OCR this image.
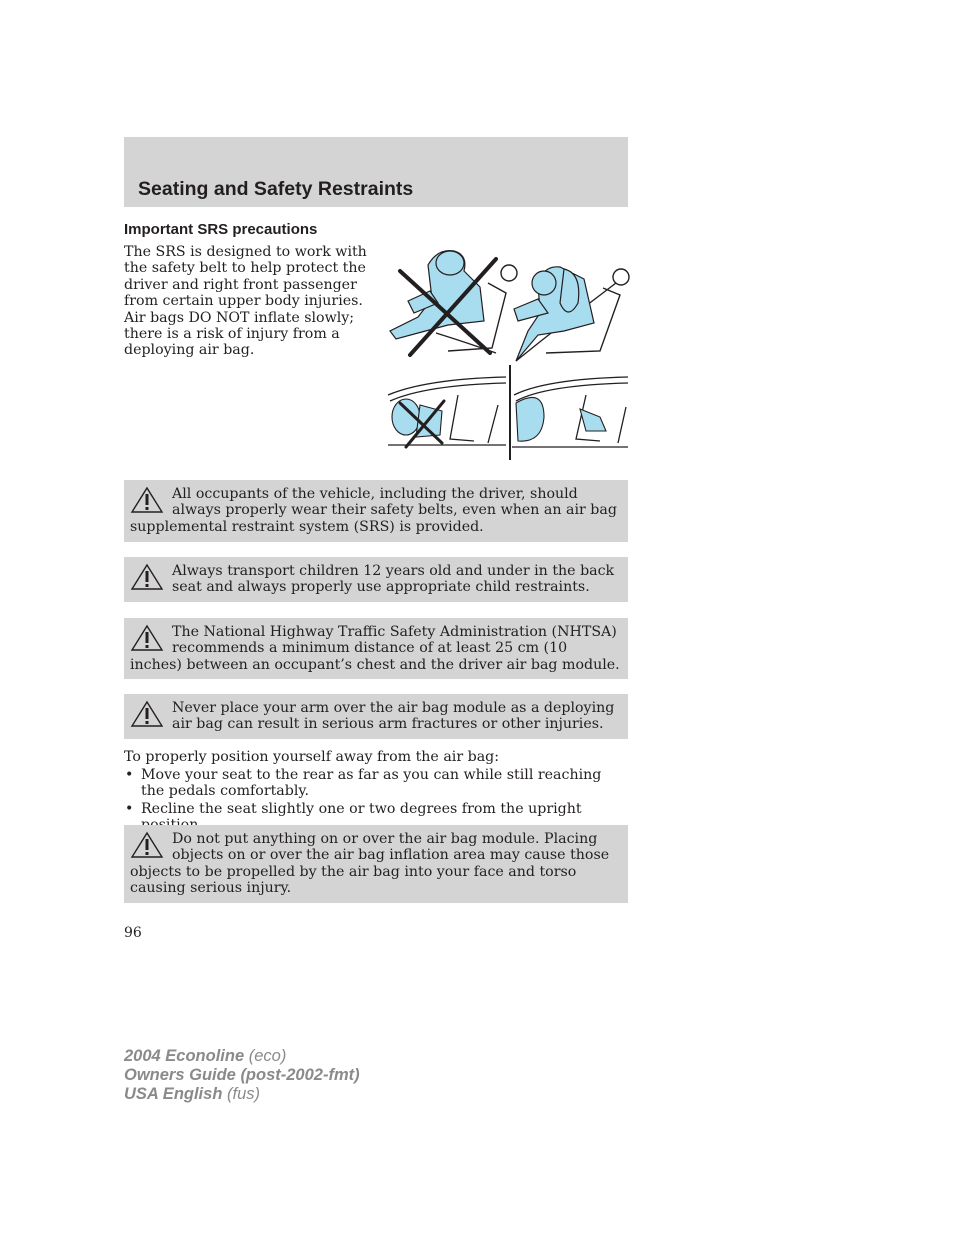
Seating and Safety Restraints
Important SRS precautions

The SRS is designed to work with the safety belt to help protect the driver and right front passenger from certain upper body injuries. Air bags DO NOT inflate slowly; there is a risk of injury from a deploying air bag.

All occupants of the vehicle, including the driver, should always properly wear their safety belts, even when an air bag supplemental restraint system (SRS) is provided.

Always transport children 12 years old and under in the back seat and always properly use appropriate child restraints.

The National Highway Traffic Safety Administration (NHTSA) recommends a minimum distance of at least 25 cm (10 inches) between an occupant’s chest and the driver air bag module.

Never place your arm over the air bag module as a deploying air bag can result in serious arm fractures or other injuries.

To properly position yourself away from the air bag:

• Move your seat to the rear as far as you can while still reaching the pedals comfortably.
• Recline the seat slightly one or two degrees from the upright

Do not put anything on or over the air bag module. Placing objects on or over the air bag inflation area may cause those objects to be propelled by the air bag into your face and torso causing serious injury.

96

2004 Econoline (eco)
Owners Guide (post-2002-fmt)
USA English (fus)
